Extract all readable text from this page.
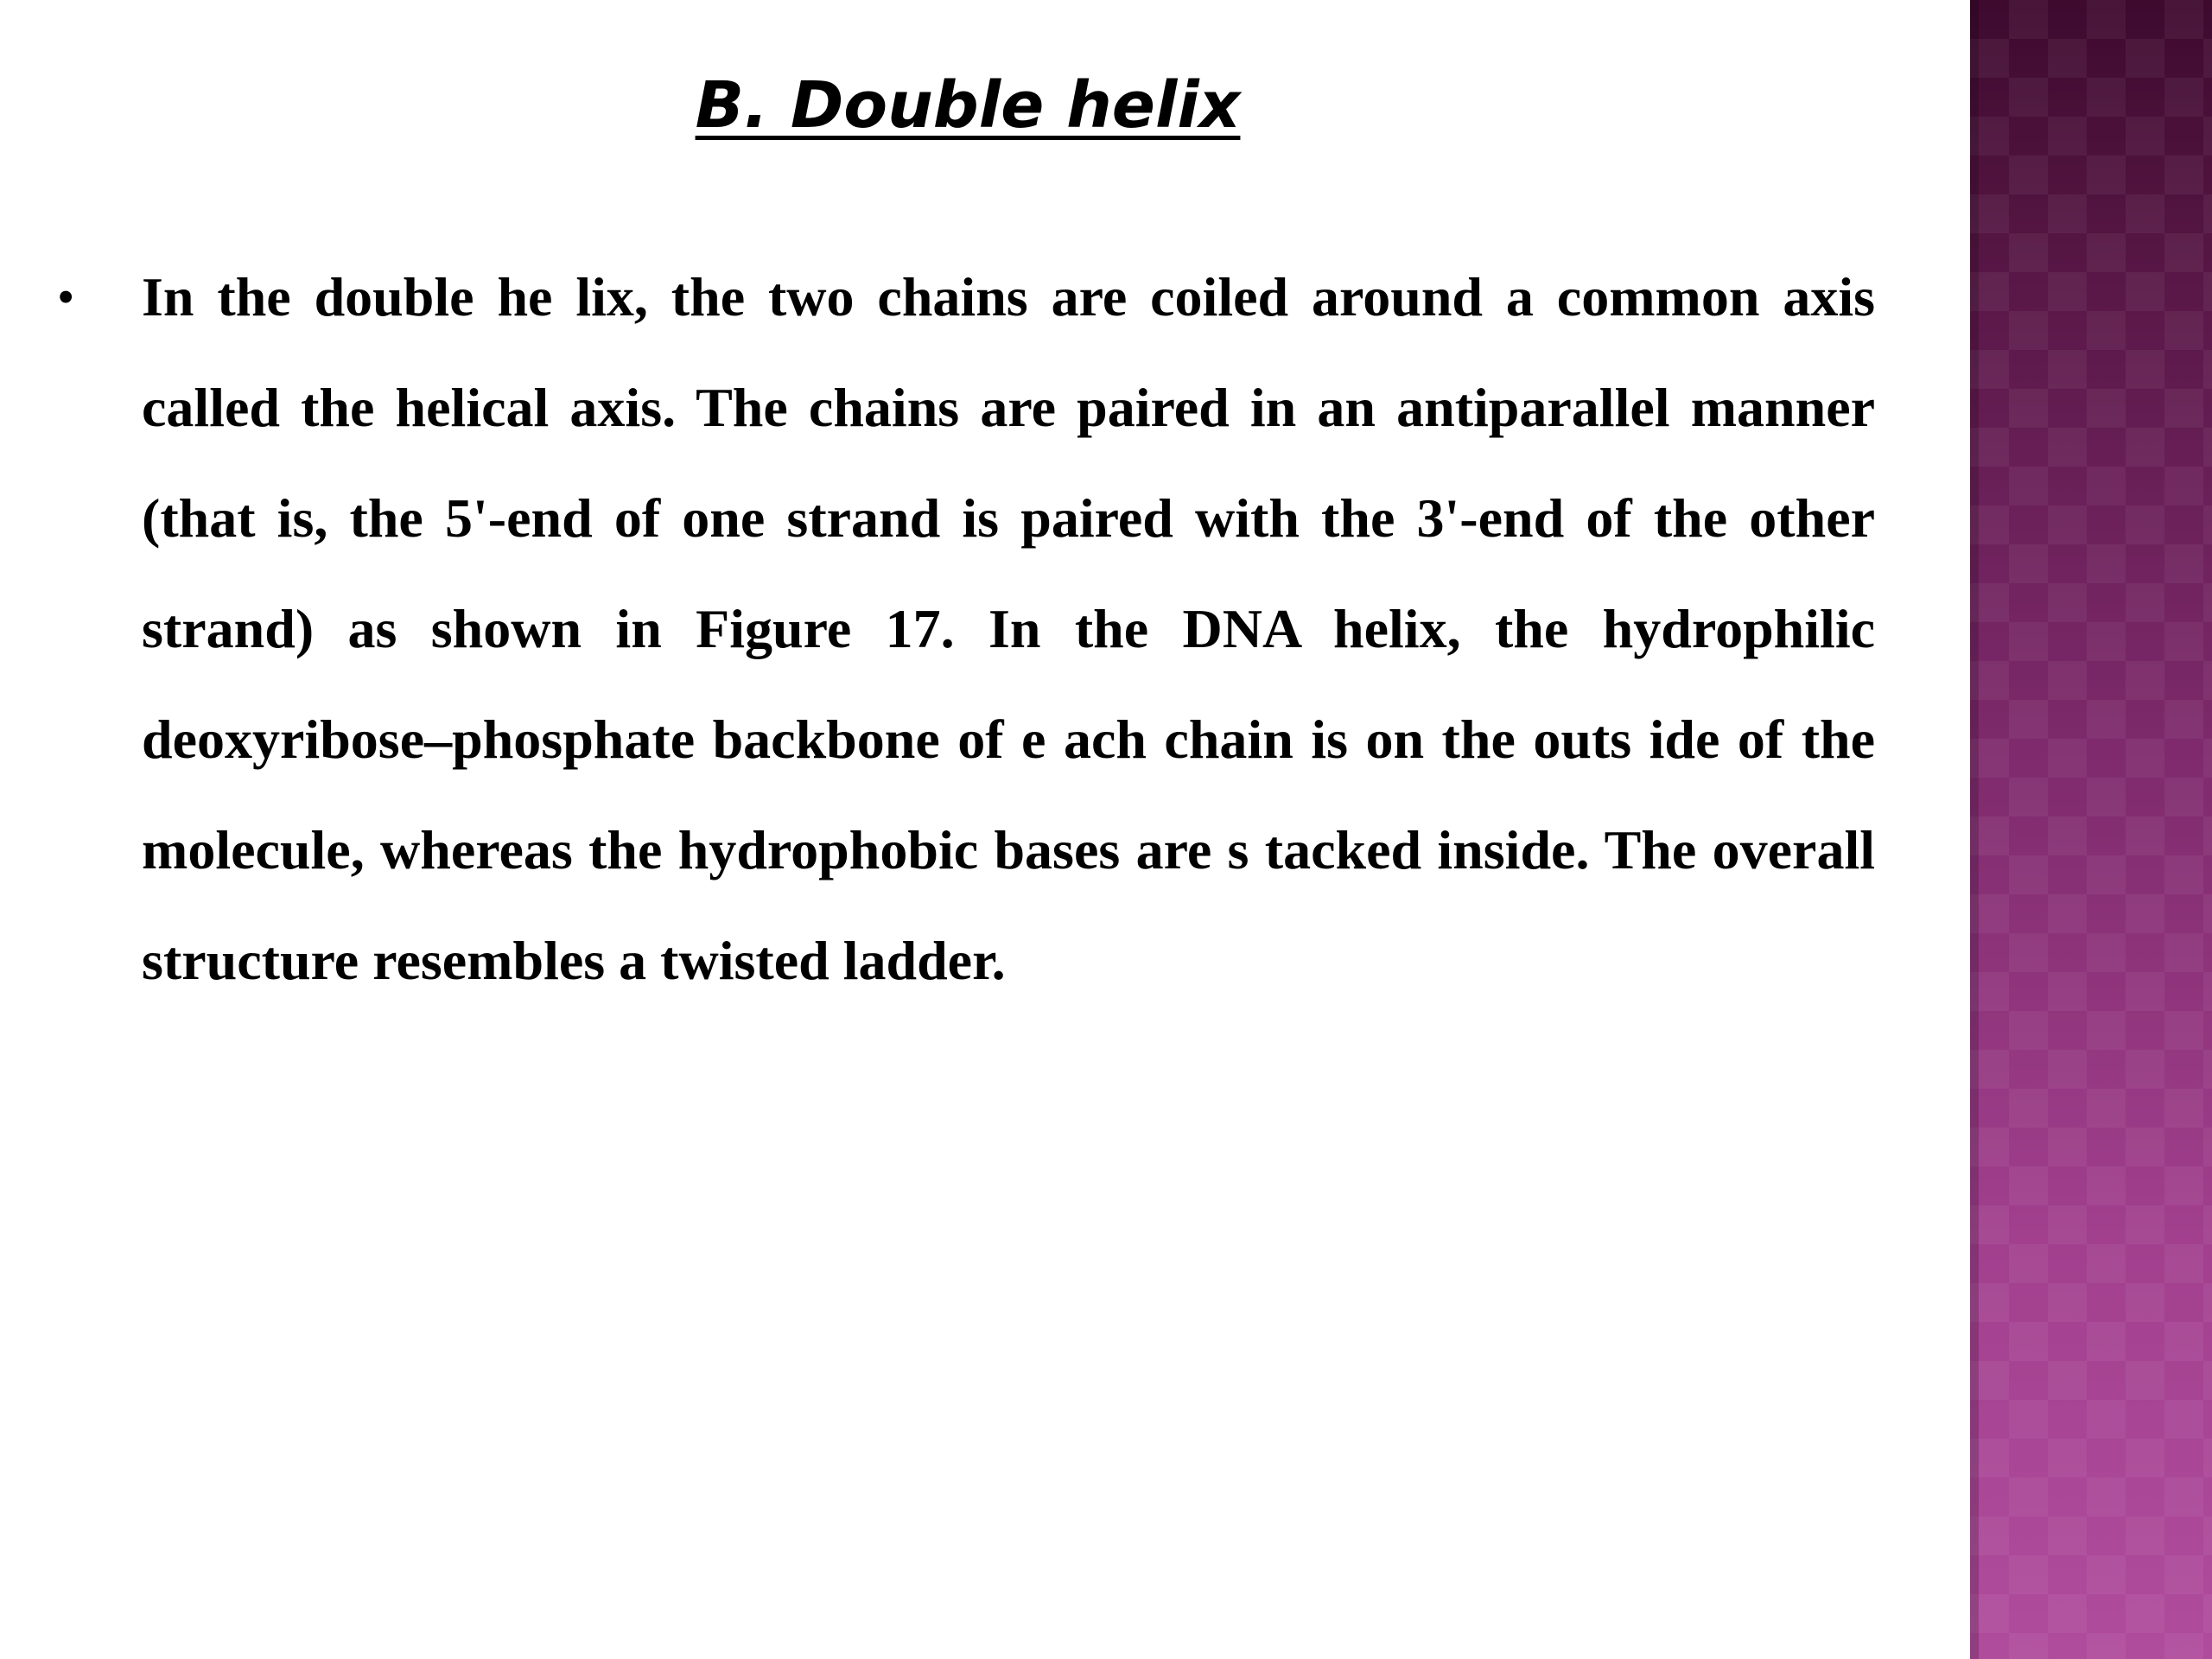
B. Double helix
•	In the double he lix, the two chains are coiled around a common axis called the helical axis. The chains are paired in an antiparallel manner (that is, the 5'-end of one strand is paired with the 3'-end of the other strand) as shown in Figure 17. In the DNA helix, the hydrophilic deoxyribose–phosphate backbone of e ach chain is on the outs ide of the molecule, whereas the hydrophobic bases are s tacked inside. The overall structure resembles a twisted ladder.
